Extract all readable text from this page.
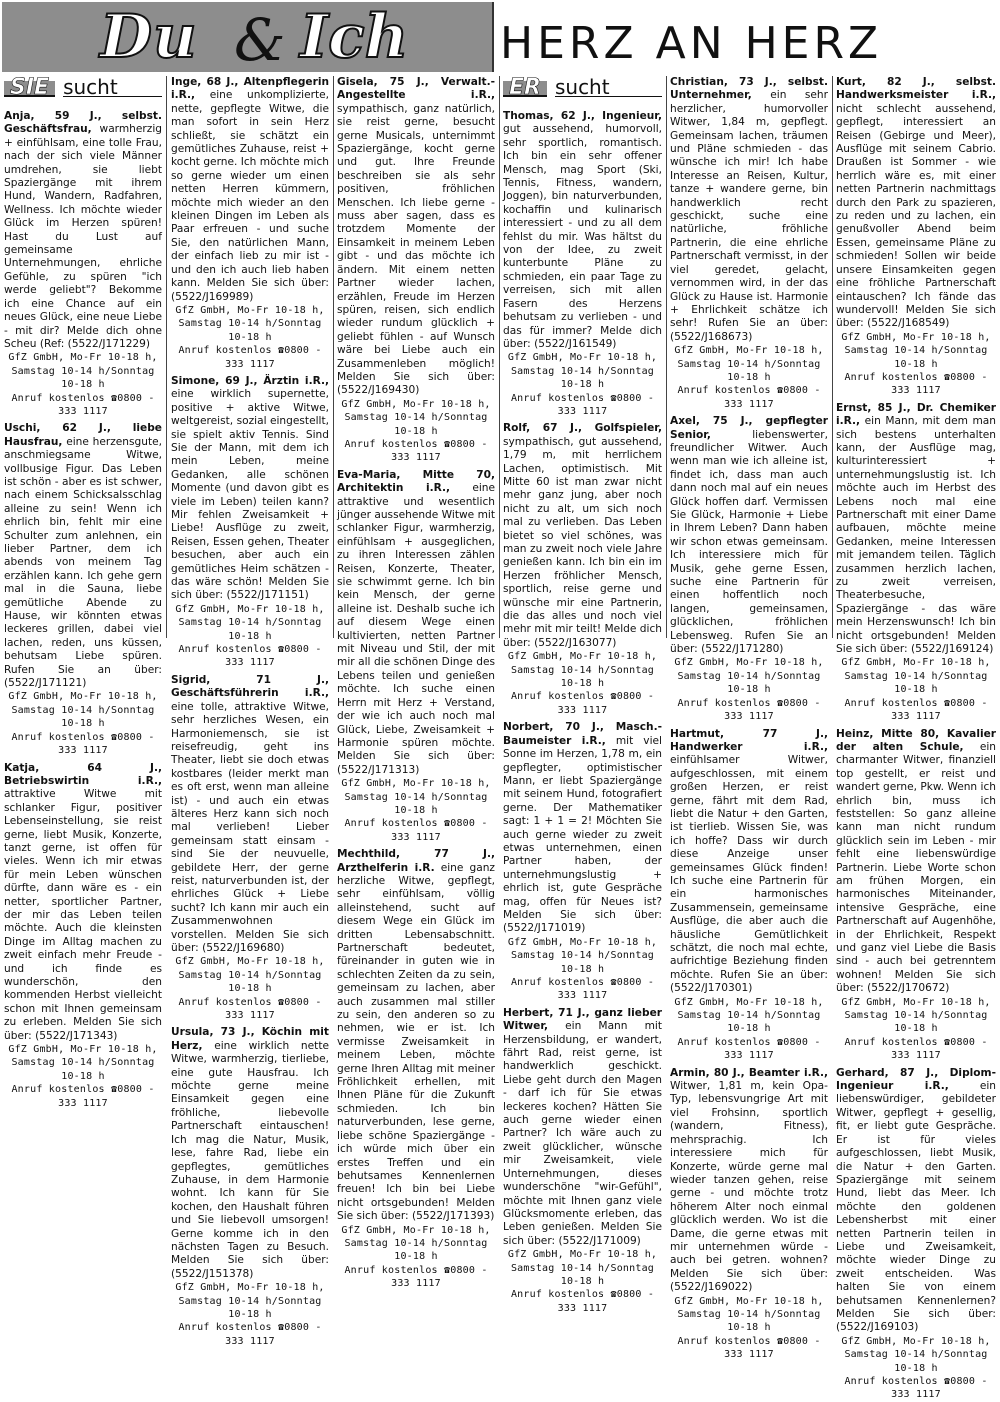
Du & Ich HERZ AN HERZ
SIE sucht

Anja, 59 J., selbst. Geschäftsfrau, warmherzig + einfühlsam, eine tolle Frau, nach der sich viele Männer umdrehen, sie liebt Spaziergänge mit ihrem Hund, Wandern, Radfahren, Wellness. Ich möchte wieder Glück im Herzen spüren! Hast du Lust auf gemeinsame Unternehmungen, ehrliche Gefühle, zu spüren "ich werde geliebt"? Bekomme ich eine Chance auf ein neues Glück, eine neue Liebe - mit dir? Melde dich ohne Scheu (Ref: (5522/J171229)

GfZ GmbH, Mo-Fr 10-18 h,
Samstag 10-14 h/Sonntag 10-18 h
Anruf kostenlos ☎0800 - 333 1117

Uschi, 62 J., liebe Hausfrau, eine herzensgute, anschmiegsame Witwe, vollbusige Figur. Das Leben ist schön - aber es ist schwer, nach einem Schicksalsschlag alleine zu sein! Wenn ich ehrlich bin, fehlt mir eine Schulter zum anlehnen, ein lieber Partner, dem ich abends von meinem Tag erzählen kann. Ich gehe gern mal in die Sauna, liebe gemütliche Abende zu Hause, wir könnten etwas leckeres grillen, dabei viel lachen, reden, uns küssen, behutsam Liebe spüren. Rufen Sie an über: (5522/J171121)

GfZ GmbH, Mo-Fr 10-18 h,
Samstag 10-14 h/Sonntag 10-18 h
Anruf kostenlos ☎0800 - 333 1117

Katja, 64 J., Betriebswirtin i.R., attraktive Witwe mit schlanker Figur, positiver Lebenseinstellung, sie reist gerne, liebt Musik, Konzerte, tanzt gerne, ist offen für vieles. Wenn ich mir etwas für mein Leben wünschen dürfte, dann wäre es - ein netter, sportlicher Partner, der mir das Leben teilen möchte. Auch die kleinsten Dinge im Alltag machen zu zweit einfach mehr Freude - und ich finde es wunderschön, den kommenden Herbst vielleicht schon mit Ihnen gemeinsam zu erleben. Melden Sie sich über: (5522/J171343)

GfZ GmbH, Mo-Fr 10-18 h,
Samstag 10-14 h/Sonntag 10-18 h
Anruf kostenlos ☎0800 - 333 1117

Inge, 68 J., Altenpflegerin i.R., eine unkomplizierte, nette, gepflegte Witwe, die man sofort in sein Herz schließt, sie schätzt ein gemütliches Zuhause, reist + kocht gerne. Ich möchte mich so gerne wieder um einen netten Herren kümmern, möchte mich wieder an den kleinen Dingen im Leben als Paar erfreuen - und suche Sie, den natürlichen Mann, der einfach lieb zu mir ist - und den ich auch lieb haben kann. Melden Sie sich über: (5522/J169989)

GfZ GmbH, Mo-Fr 10-18 h,
Samstag 10-14 h/Sonntag 10-18 h
Anruf kostenlos ☎0800 - 333 1117

Simone, 69 J., Ärztin i.R., eine wirklich supernette, positive + aktive Witwe, weltgereist, sozial eingestellt, sie spielt aktiv Tennis. Sind Sie der Mann, mit dem ich mein Leben, meine Gedanken, alle schönen Momente (und davon gibt es viele im Leben) teilen kann? Mir fehlen Zweisamkeit + Liebe! Ausflüge zu zweit, Reisen, Essen gehen, Theater besuchen, aber auch ein gemütliches Heim schätzen - das wäre schön! Melden Sie sich über: (5522/J171151)

GfZ GmbH, Mo-Fr 10-18 h,
Samstag 10-14 h/Sonntag 10-18 h
Anruf kostenlos ☎0800 - 333 1117

Sigrid, 71 J., Geschäftsführerin i.R., eine tolle, attraktive Witwe, sehr herzliches Wesen, ein Harmoniemensch, sie ist reisefreudig, geht ins Theater, liebt sie doch etwas kostbares (leider merkt man es oft erst, wenn man alleine ist) - und auch ein etwas älteres Herz kann sich noch mal verlieben! Lieber gemeinsam statt einsam - sind Sie der neuvuelle, gebildete Herr, der gerne reist, naturverbunden ist, der ehrliches Glück + Liebe sucht? Ich kann mir auch ein Zusammenwohnen vorstellen. Melden Sie sich über: (5522/J169680)

GfZ GmbH, Mo-Fr 10-18 h,
Samstag 10-14 h/Sonntag 10-18 h
Anruf kostenlos ☎0800 - 333 1117

Ursula, 73 J., Köchin mit Herz, eine wirklich nette Witwe, warmherzig, tierliebe, eine gute Hausfrau. Ich möchte gerne meine Einsamkeit gegen eine fröhliche, liebevolle Partnerschaft eintauschen! Ich mag die Natur, Musik, lese, fahre Rad, liebe ein gepflegtes, gemütliches Zuhause, in dem Harmonie wohnt. Ich kann für Sie kochen, den Haushalt führen und Sie liebevoll umsorgen! Gerne komme ich in den nächsten Tagen zu Besuch. Melden Sie sich über: (5522/J151378)

GfZ GmbH, Mo-Fr 10-18 h,
Samstag 10-14 h/Sonntag 10-18 h
Anruf kostenlos ☎0800 - 333 1117

Gisela, 75 J., Verwalt.-Angestellte i.R., sympathisch, ganz natürlich, sie reist gerne, besucht gerne Musicals, unternimmt Spaziergänge, kocht gerne und gut. Ihre Freunde beschreiben sie als sehr positiven, fröhlichen Menschen. Ich liebe gerne - muss aber sagen, dass es trotzdem Momente der Einsamkeit in meinem Leben gibt - und das möchte ich ändern. Mit einem netten Partner wieder lachen, erzählen, Freude im Herzen spüren, reisen, sich endlich wieder rundum glücklich + geliebt fühlen - auf Wunsch wäre bei Liebe auch ein Zusammenleben möglich! Melden Sie sich über: (5522/J169430)

GfZ GmbH, Mo-Fr 10-18 h,
Samstag 10-14 h/Sonntag 10-18 h
Anruf kostenlos ☎0800 - 333 1117

Eva-Maria, Mitte 70, Architektin i.R., eine attraktive und wesentlich jünger aussehende Witwe mit schlanker Figur, warmherzig, einfühlsam + ausgeglichen, zu ihren Interessen zählen Reisen, Konzerte, Theater, sie schwimmt gerne. Ich bin kein Mensch, der gerne alleine ist. Deshalb suche ich auf diesem Wege einen kultivierten, netten Partner mit Niveau und Stil, der mit mir all die schönen Dinge des Lebens teilen und genießen möchte. Ich suche einen Herrn mit Herz + Verstand, der wie ich auch noch mal Glück, Liebe, Zweisamkeit + Harmonie spüren möchte. Melden Sie sich über: (5522/J171313)

GfZ GmbH, Mo-Fr 10-18 h,
Samstag 10-14 h/Sonntag 10-18 h
Anruf kostenlos ☎0800 - 333 1117

Mechthild, 77 J., Arzthelferin i.R. eine ganz herzliche Witwe, gepflegt, sehr einfühlsam, völlig alleinstehend, sucht auf diesem Wege ein Glück im dritten Lebensabschnitt. Partnerschaft bedeutet, füreinander in guten wie in schlechten Zeiten da zu sein, gemeinsam zu lachen, aber auch zusammen mal stiller zu sein, den anderen so zu nehmen, wie er ist. Ich vermisse Zweisamkeit in meinem Leben, möchte gerne Ihren Alltag mit meiner Fröhlichkeit erhellen, mit Ihnen Pläne für die Zukunft schmieden. Ich bin naturverbunden, lese gerne, liebe schöne Spaziergänge - ich würde mich über ein erstes Treffen und ein behutsames Kennenlernen freuen! Ich bin bei Liebe nicht ortsgebunden! Melden Sie sich über: (5522/J171393)

GfZ GmbH, Mo-Fr 10-18 h,
Samstag 10-14 h/Sonntag 10-18 h
Anruf kostenlos ☎0800 - 333 1117
ER sucht

Thomas, 62 J., Ingenieur, gut aussehend, humorvoll, sehr sportlich, romantisch. Ich bin ein sehr offener Mensch, mag Sport (Ski, Tennis, Fitness, wandern, Joggen), bin naturverbunden, kochaffin und kulinarisch interessiert - und zu all dem fehlst du mir. Was hältst du von der Idee, zu zweit kunterbunte Pläne zu schmieden, ein paar Tage zu verreisen, sich mit allen Fasern des Herzens behutsam zu verlieben - und das für immer? Melde dich über: (5522/J161549)

GfZ GmbH, Mo-Fr 10-18 h,
Samstag 10-14 h/Sonntag 10-18 h
Anruf kostenlos ☎0800 - 333 1117

Rolf, 67 J., Golfspieler, sympathisch, gut aussehend, 1,79 m, mit herrlichem Lachen, optimistisch. Mit Mitte 60 ist man zwar nicht mehr ganz jung, aber noch nicht zu alt, um sich noch mal zu verlieben. Das Leben bietet so viel schönes, was man zu zweit noch viele Jahre genießen kann. Ich bin ein im Herzen fröhlicher Mensch, sportlich, reise gerne und wünsche mir eine Partnerin, die das alles und noch viel mehr mit mir teilt! Melde dich über: (5522/J163077)

GfZ GmbH, Mo-Fr 10-18 h,
Samstag 10-14 h/Sonntag 10-18 h
Anruf kostenlos ☎0800 - 333 1117

Norbert, 70 J., Masch.-Baumeister i.R., mit viel Sonne im Herzen, 1,78 m, ein gepflegter, optimistischer Mann, er liebt Spaziergänge mit seinem Hund, fotografiert gerne. Der Mathematiker sagt: 1 + 1 = 2! Möchten Sie auch gerne wieder zu zweit etwas unternehmen, einen Partner haben, der unternehmungslustig + ehrlich ist, gute Gespräche mag, offen für Neues ist? Melden Sie sich über: (5522/J171019)

GfZ GmbH, Mo-Fr 10-18 h,
Samstag 10-14 h/Sonntag 10-18 h
Anruf kostenlos ☎0800 - 333 1117

Herbert, 71 J., ganz lieber Witwer, ein Mann mit Herzensbildung, er wandert, fährt Rad, reist gerne, ist handwerklich geschickt. Liebe geht durch den Magen - darf ich für Sie etwas leckeres kochen? Hätten Sie auch gerne wieder einen Partner? Ich wäre auch zu zweit glücklicher, wünsche mir Zweisamkeit, viele Unternehmungen, dieses wunderschöne "wir-Gefühl", möchte mit Ihnen ganz viele Glücksmomente erleben, das Leben genießen. Melden Sie sich über: (5522/J171009)

GfZ GmbH, Mo-Fr 10-18 h,
Samstag 10-14 h/Sonntag 10-18 h
Anruf kostenlos ☎0800 - 333 1117

Christian, 73 J., selbst. Unternehmer, ein sehr herzlicher, humorvoller Witwer, 1,84 m, gepflegt. Gemeinsam lachen, träumen und Pläne schmieden - das wünsche ich mir! Ich habe Interesse an Reisen, Kultur, tanze + wandere gerne, bin handwerklich recht geschickt, suche eine natürliche, fröhliche Partnerin, die eine ehrliche Partnerschaft vermisst, in der viel geredet, gelacht, vernommen wird, in der das Glück zu Hause ist. Harmonie + Ehrlichkeit schätze ich sehr! Rufen Sie an über: (5522/J168673)

GfZ GmbH, Mo-Fr 10-18 h,
Samstag 10-14 h/Sonntag 10-18 h
Anruf kostenlos ☎0800 - 333 1117

Axel, 75 J., gepflegter Senior,	liebenswerter, freundlicher Witwer. Auch wenn man wie ich alleine ist, findet ich, dass man auch dann noch mal auf ein neues Glück hoffen darf. Vermissen Sie Glück, Harmonie + Liebe in Ihrem Leben? Dann haben wir schon etwas gemeinsam. Ich interessiere mich für Musik, gehe gerne Essen, suche eine Partnerin für einen hoffentlich noch langen, gemeinsamen, glücklichen, fröhlichen Lebensweg. Rufen Sie an über: (5522/J171280)

GfZ GmbH, Mo-Fr 10-18 h,
Samstag 10-14 h/Sonntag 10-18 h
Anruf kostenlos ☎0800 - 333 1117

Hartmut, 77 J., Handwerker i.R., einfühlsamer Witwer, aufgeschlossen, mit einem großen Herzen, er reist gerne, fährt mit dem Rad, liebt die Natur + den Garten, ist tierlieb. Wissen Sie, was ich hoffe? Dass wir durch diese Anzeige unser gemeinsames Glück finden! Ich suche eine Partnerin für ein harmonisches Zusammensein, gemeinsame Ausflüge, die aber auch die häusliche Gemütlichkeit schätzt, die noch mal echte, aufrichtige Beziehung finden möchte. Rufen Sie an über: (5522/J170301)

GfZ GmbH, Mo-Fr 10-18 h,
Samstag 10-14 h/Sonntag 10-18 h
Anruf kostenlos ☎0800 - 333 1117

Armin, 80 J., Beamter i.R., Witwer, 1,81 m, kein Opa-Typ, lebensvungrige Art mit viel Frohsinn, sportlich (wandern, Fitness), mehrsprachig. Ich interessiere mich für Konzerte, würde gerne mal wieder tanzen gehen, reise gerne - und möchte trotz höherem Alter noch einmal glücklich werden. Wo ist die Dame, die gerne etwas mit mir unternehmen würde - auch bei getren. wohnen? Melden Sie sich über: (5522/J169022)

GfZ GmbH, Mo-Fr 10-18 h,
Samstag 10-14 h/Sonntag 10-18 h
Anruf kostenlos ☎0800 - 333 1117

Kurt, 82 J., selbst. Handwerksmeister i.R., nicht schlecht aussehend, gepflegt, interessiert an Reisen (Gebirge und Meer), Ausflüge mit seinem Cabrio. Draußen ist Sommer - wie herrlich wäre es, mit einer netten Partnerin nachmittags durch den Park zu spazieren, zu reden und zu lachen, ein genußvoller Abend beim Essen, gemeinsame Pläne zu schmieden! Sollen wir beide unsere Einsamkeiten gegen eine fröhliche Partnerschaft eintauschen? Ich fände das wundervoll! Melden Sie sich über: (5522/J168549)

GfZ GmbH, Mo-Fr 10-18 h,
Samstag 10-14 h/Sonntag 10-18 h
Anruf kostenlos ☎0800 - 333 1117

Ernst, 85 J., Dr. Chemiker i.R., ein Mann, mit dem man sich bestens unterhalten kann, der Ausflüge mag, kulturinteressiert + unternehmungslustig ist. Ich möchte auch im Herbst des Lebens noch mal eine Partnerschaft mit einer Dame aufbauen, möchte meine Gedanken, meine Interessen mit jemandem teilen. Täglich zusammen herzlich lachen, zu zweit verreisen, Theaterbesuche, Spaziergänge - das wäre mein Herzenswunsch! Ich bin nicht ortsgebunden! Melden Sie sich über: (5522/J169124)

GfZ GmbH, Mo-Fr 10-18 h,
Samstag 10-14 h/Sonntag 10-18 h
Anruf kostenlos ☎0800 - 333 1117

Heinz, Mitte 80, Kavalier der alten Schule, ein charmanter Witwer, finanziell top gestellt, er reist und wandert gerne, Pkw. Wenn ich ehrlich bin, muss ich feststellen: So ganz alleine kann man nicht rundum glücklich sein im Leben - mir fehlt eine liebenswürdige Partnerin. Liebe Worte schon am frühen Morgen, ein harmonisches Miteinander, intensive Gespräche, eine Partnerschaft auf Augenhöhe, in der Ehrlichkeit, Respekt und ganz viel Liebe die Basis sind - auch bei getrenntem wohnen! Melden Sie sich über: (5522/J170672)

GfZ GmbH, Mo-Fr 10-18 h,
Samstag 10-14 h/Sonntag 10-18 h
Anruf kostenlos ☎0800 - 333 1117

Gerhard, 87 J., Diplom-Ingenieur i.R.,	ein liebenswürdiger, gebildeter Witwer, gepflegt + gesellig, fit, er liebt gute Gespräche. Er ist für vieles aufgeschlossen, liebt Musik, die Natur + den Garten. Spaziergänge mit seinem Hund, liebt das Meer. Ich möchte den goldenen Lebensherbst mit einer netten Partnerin teilen in Liebe und Zweisamkeit, möchte wieder Dinge zu zweit entscheiden. Was halten Sie von einem behutsamen Kennenlernen? Melden Sie sich über: (5522/J169103)

GfZ GmbH, Mo-Fr 10-18 h,
Samstag 10-14 h/Sonntag 10-18 h
Anruf kostenlos ☎0800 - 333 1117
